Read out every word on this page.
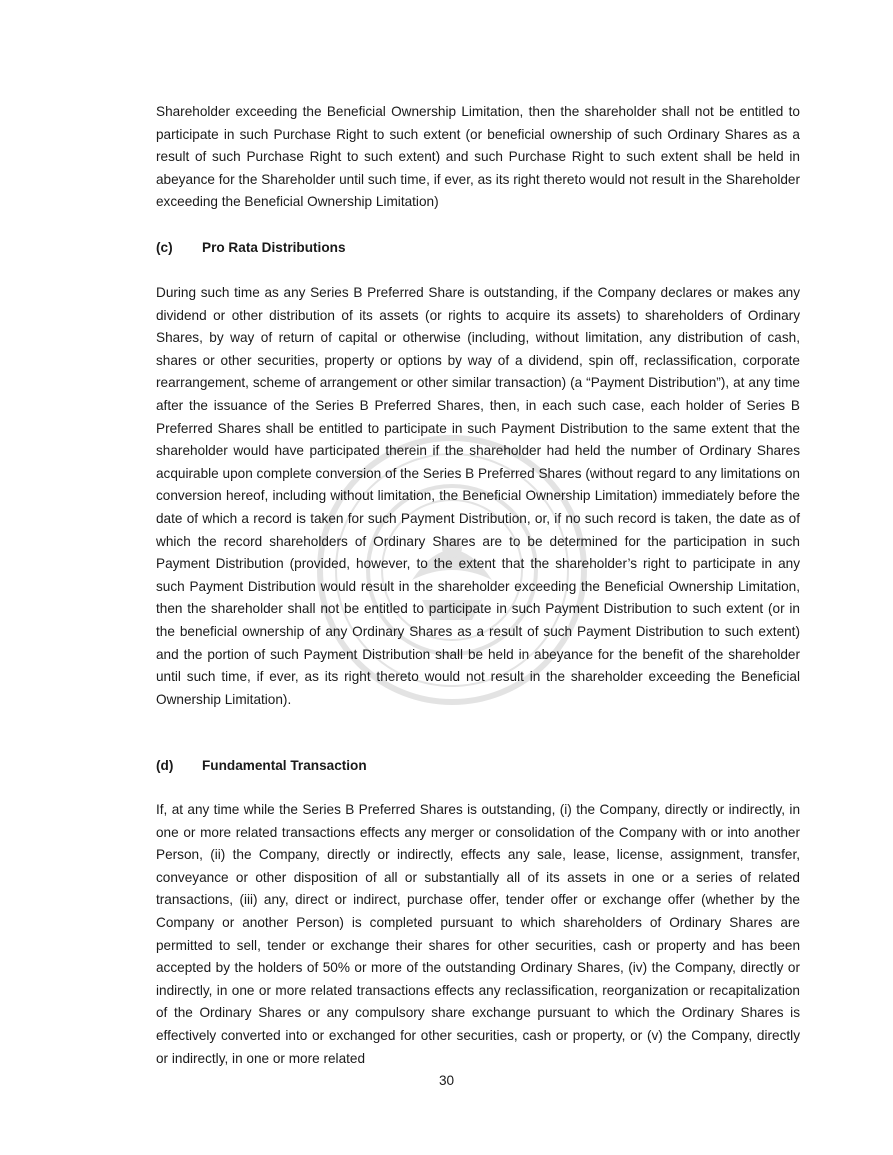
Shareholder exceeding the Beneficial Ownership Limitation, then the shareholder shall not be entitled to participate in such Purchase Right to such extent (or beneficial ownership of such Ordinary Shares as a result of such Purchase Right to such extent) and such Purchase Right to such extent shall be held in abeyance for the Shareholder until such time, if ever, as its right thereto would not result in the Shareholder exceeding the Beneficial Ownership Limitation)

(c) Pro Rata Distributions

During such time as any Series B Preferred Share is outstanding, if the Company declares or makes any dividend or other distribution of its assets (or rights to acquire its assets) to shareholders of Ordinary Shares, by way of return of capital or otherwise (including, without limitation, any distribution of cash, shares or other securities, property or options by way of a dividend, spin off, reclassification, corporate rearrangement, scheme of arrangement or other similar transaction) (a “Payment Distribution”), at any time after the issuance of the Series B Preferred Shares, then, in each such case, each holder of Series B Preferred Shares shall be entitled to participate in such Payment Distribution to the same extent that the shareholder would have participated therein if the shareholder had held the number of Ordinary Shares acquirable upon complete conversion of the Series B Preferred Shares (without regard to any limitations on conversion hereof, including without limitation, the Beneficial Ownership Limitation) immediately before the date of which a record is taken for such Payment Distribution, or, if no such record is taken, the date as of which the record shareholders of Ordinary Shares are to be determined for the participation in such Payment Distribution (provided, however, to the extent that the shareholder’s right to participate in any such Payment Distribution would result in the shareholder exceeding the Beneficial Ownership Limitation, then the shareholder shall not be entitled to participate in such Payment Distribution to such extent (or in the beneficial ownership of any Ordinary Shares as a result of such Payment Distribution to such extent) and the portion of such Payment Distribution shall be held in abeyance for the benefit of the shareholder until such time, if ever, as its right thereto would not result in the shareholder exceeding the Beneficial Ownership Limitation).

(d) Fundamental Transaction

If, at any time while the Series B Preferred Shares is outstanding, (i) the Company, directly or indirectly, in one or more related transactions effects any merger or consolidation of the Company with or into another Person, (ii) the Company, directly or indirectly, effects any sale, lease, license, assignment, transfer, conveyance or other disposition of all or substantially all of its assets in one or a series of related transactions, (iii) any, direct or indirect, purchase offer, tender offer or exchange offer (whether by the Company or another Person) is completed pursuant to which shareholders of Ordinary Shares are permitted to sell, tender or exchange their shares for other securities, cash or property and has been accepted by the holders of 50% or more of the outstanding Ordinary Shares, (iv) the Company, directly or indirectly, in one or more related transactions effects any reclassification, reorganization or recapitalization of the Ordinary Shares or any compulsory share exchange pursuant to which the Ordinary Shares is effectively converted into or exchanged for other securities, cash or property, or (v) the Company, directly or indirectly, in one or more related

30
